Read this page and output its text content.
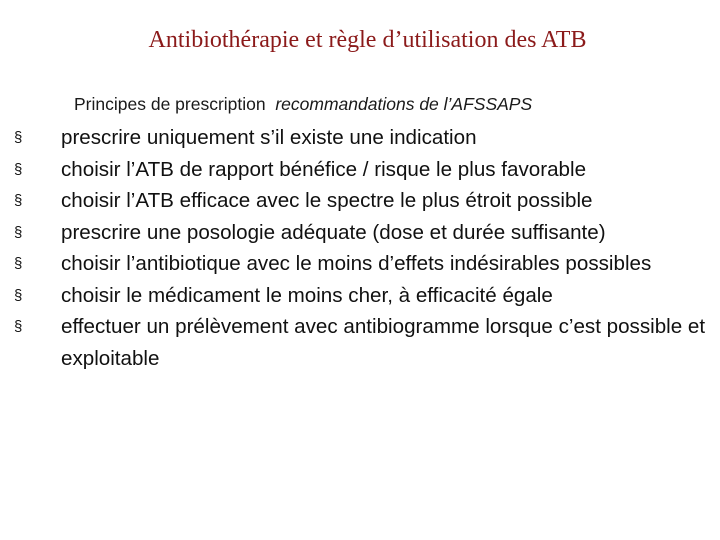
Antibiothérapie et règle d’utilisation des ATB
Principes de prescription recommandations de l’AFSSAPS
§ prescrire uniquement s’il existe une indication
§ choisir l’ATB de rapport bénéfice / risque le plus favorable
§ choisir l’ATB efficace avec le spectre le plus étroit possible
§ prescrire une posologie adéquate (dose et durée suffisante)
§ choisir l’antibiotique avec le moins d’effets indésirables possibles
§ choisir le médicament le moins cher, à efficacité égale
§ effectuer un prélèvement avec antibiogramme lorsque c’est possible et exploitable
